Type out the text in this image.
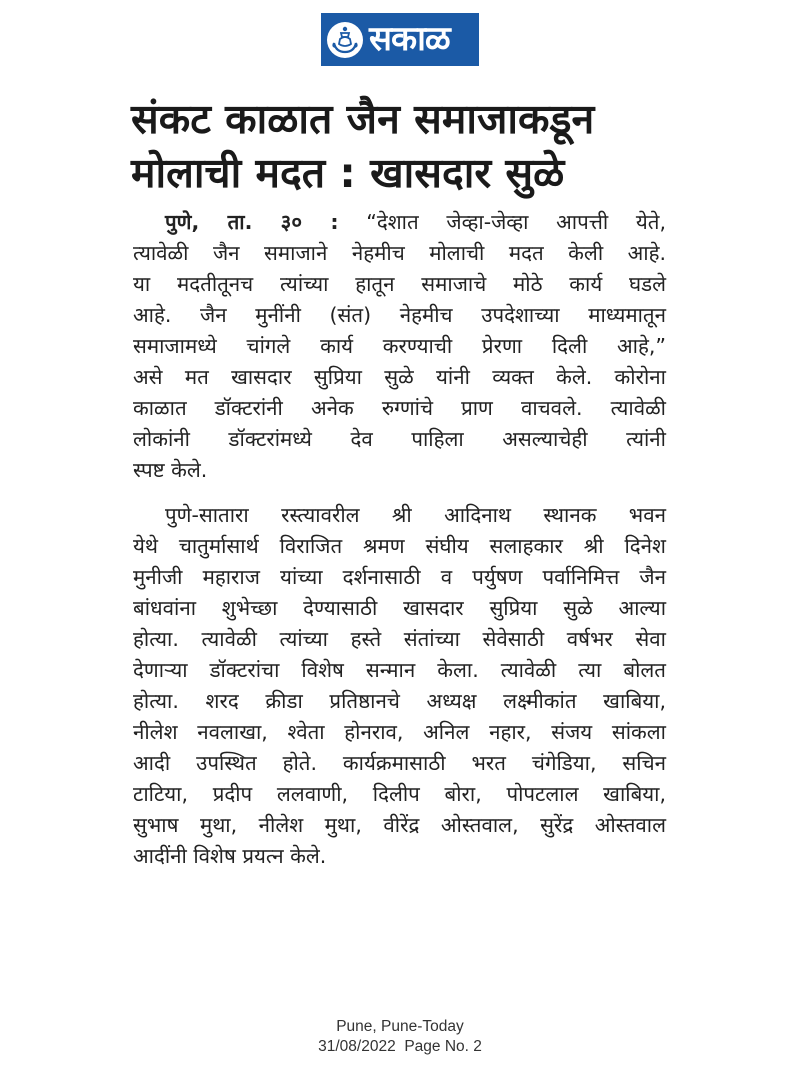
सकाळ
संकट काळात जैन समाजाकडून
मोलाची मदत : खासदार सुळे
पुणे, ता. ३० : “देशात जेव्हा-जेव्हा आपत्ती येते,
त्यावेळी जैन समाजाने नेहमीच मोलाची मदत केली आहे.
या मदतीतूनच त्यांच्या हातून समाजाचे मोठे कार्य घडले
आहे. जैन मुनींनी (संत) नेहमीच उपदेशाच्या माध्यमातून
समाजामध्ये चांगले कार्य करण्याची प्रेरणा दिली आहे,”
असे मत खासदार सुप्रिया सुळे यांनी व्यक्त केले. कोरोना
काळात डॉक्टरांनी अनेक रुग्णांचे प्राण वाचवले. त्यावेळी
लोकांनी डॉक्टरांमध्ये देव पाहिला असल्याचेही त्यांनी
स्पष्ट केले.
पुणे-सातारा रस्त्यावरील श्री आदिनाथ स्थानक भवन
येथे चातुर्मासार्थ विराजित श्रमण संघीय सलाहकार श्री दिनेश
मुनीजी महाराज यांच्या दर्शनासाठी व पर्युषण पर्वानिमित्त जैन
बांधवांना शुभेच्छा देण्यासाठी खासदार सुप्रिया सुळे आल्या
होत्या. त्यावेळी त्यांच्या हस्ते संतांच्या सेवेसाठी वर्षभर सेवा
देणाऱ्या डॉक्टरांचा विशेष सन्मान केला. त्यावेळी त्या बोलत
होत्या. शरद क्रीडा प्रतिष्ठानचे अध्यक्ष लक्ष्मीकांत खाबिया,
नीलेश नवलाखा, श्वेता होनराव, अनिल नहार, संजय सांकला
आदी उपस्थित होते. कार्यक्रमासाठी भरत चंगेडिया, सचिन
टाटिया, प्रदीप ललवाणी, दिलीप बोरा, पोपटलाल खाबिया,
सुभाष मुथा, नीलेश मुथा, वीरेंद्र ओस्तवाल, सुरेंद्र ओस्तवाल
आदींनी विशेष प्रयत्न केले.
Pune, Pune-Today
31/08/2022  Page No. 2
